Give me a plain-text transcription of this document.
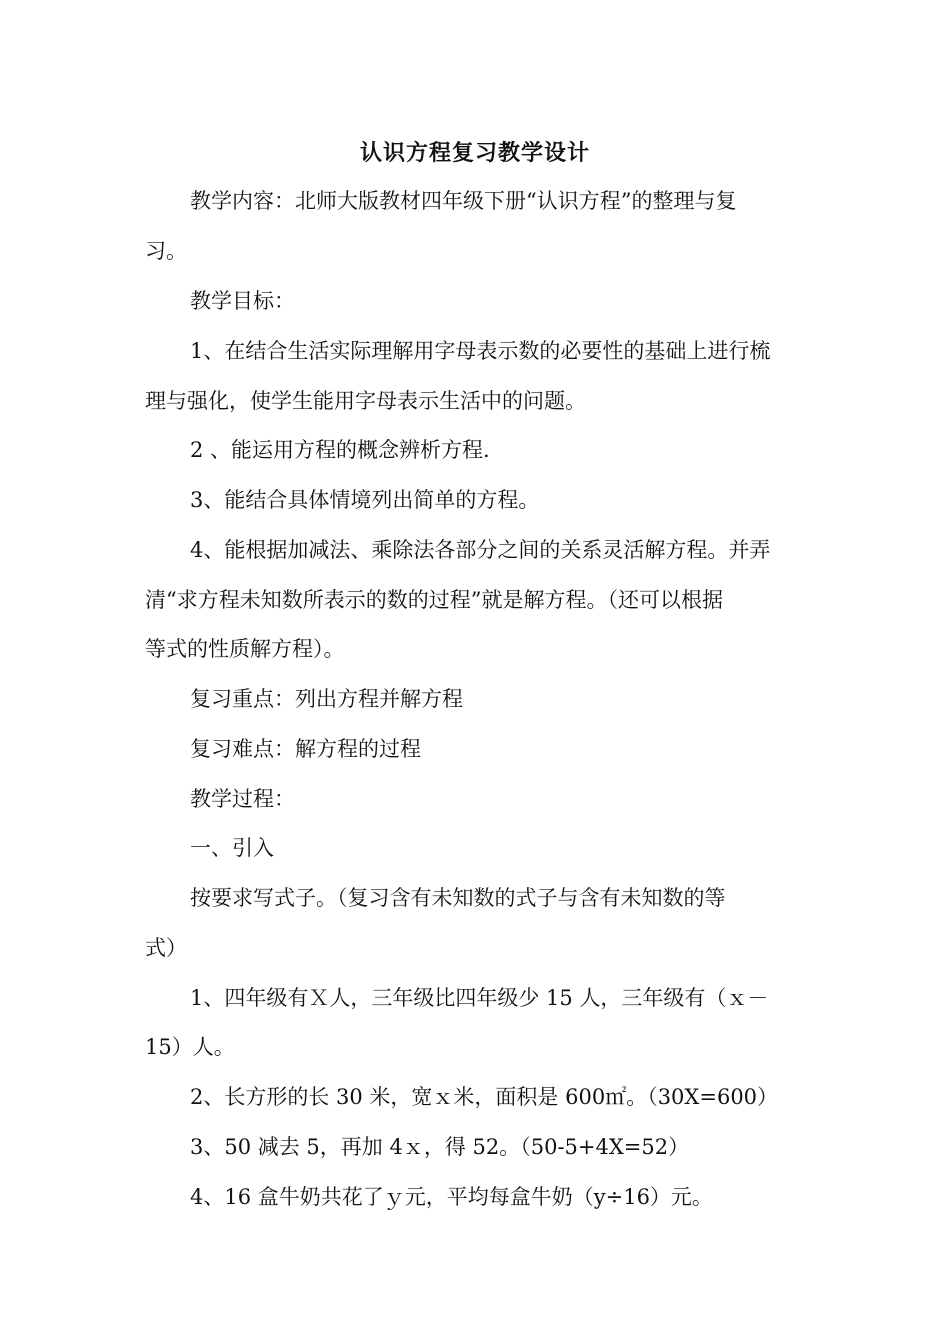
认识方程复习教学设计
教学内容：北师大版教材四年级下册“认识方程”的整理与复
习。
教学目标：
1、在结合生活实际理解用字母表示数的必要性的基础上进行梳
理与强化，使学生能用字母表示生活中的问题。
2 、能运用方程的概念辨析方程.
3、能结合具体情境列出简单的方程。
4、能根据加减法、乘除法各部分之间的关系灵活解方程。并弄
清“求方程未知数所表示的数的过程”就是解方程。（还可以根据
等式的性质解方程）。
复习重点：列出方程并解方程
复习难点：解方程的过程
教学过程：
一、引入
按要求写式子。（复习含有未知数的式子与含有未知数的等
式）
1、四年级有Ｘ人，三年级比四年级少 15 人，三年级有（ｘ－
15）人。
2、长方形的长 30 米，宽ｘ米，面积是 600㎡。（30X=600）
3、50 减去 5，再加 4ｘ，得 52。（50-5+4X=52）
4、16 盒牛奶共花了ｙ元，平均每盒牛奶（y÷16）元。
